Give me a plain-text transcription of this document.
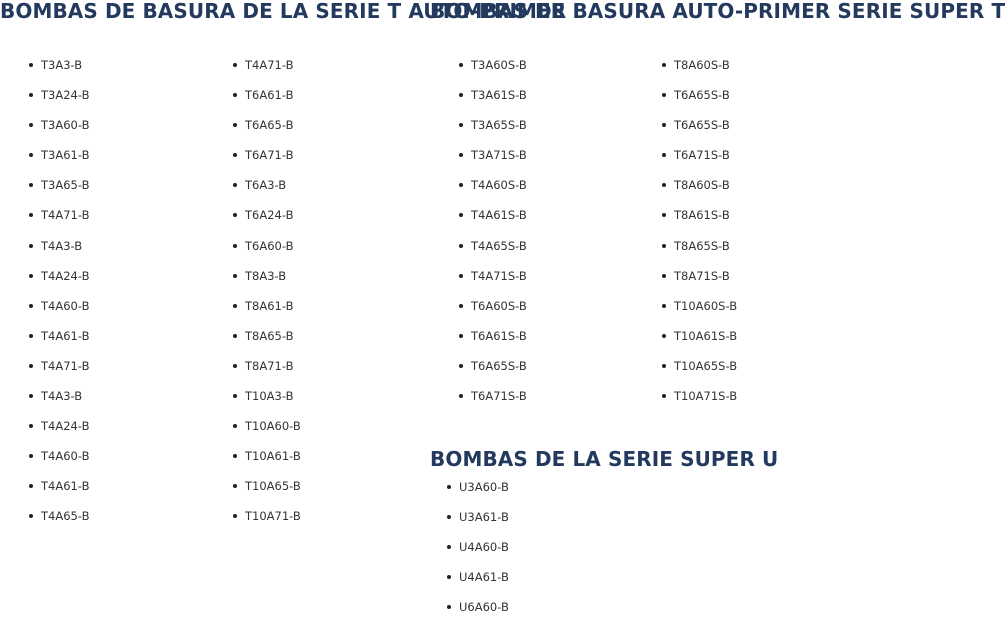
BOMBAS DE BASURA DE LA SERIE T AUTO-PRIMER
BOMBAS DE BASURA AUTO-PRIMER SERIE SUPER T
BOMBAS DE LA SERIE SUPER U
T3A3-B
T3A24-B
T3A60-B
T3A61-B
T3A65-B
T4A71-B
T4A3-B
T4A24-B
T4A60-B
T4A61-B
T4A71-B
T4A3-B
T4A24-B
T4A60-B
T4A61-B
T4A65-B
T4A71-B
T6A61-B
T6A65-B
T6A71-B
T6A3-B
T6A24-B
T6A60-B
T8A3-B
T8A61-B
T8A65-B
T8A71-B
T10A3-B
T10A60-B
T10A61-B
T10A65-B
T10A71-B
T3A60S-B
T3A61S-B
T3A65S-B
T3A71S-B
T4A60S-B
T4A61S-B
T4A65S-B
T4A71S-B
T6A60S-B
T6A61S-B
T6A65S-B
T6A71S-B
T8A60S-B
T6A65S-B
T6A65S-B
T6A71S-B
T8A60S-B
T8A61S-B
T8A65S-B
T8A71S-B
T10A60S-B
T10A61S-B
T10A65S-B
T10A71S-B
U3A60-B
U3A61-B
U4A60-B
U4A61-B
U6A60-B
